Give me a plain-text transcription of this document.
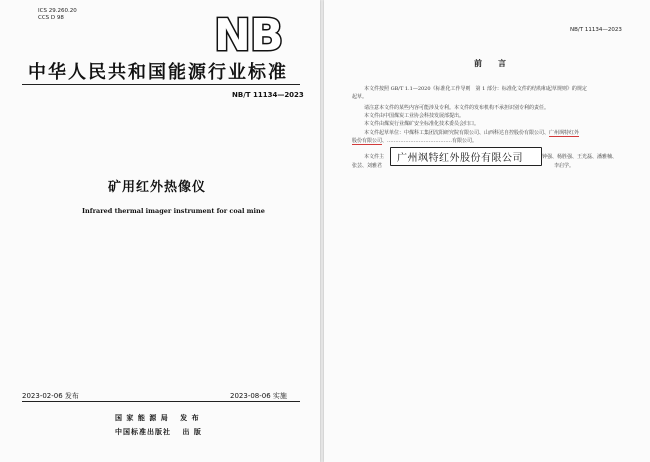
ICS 29.260.20
CCS D 98	NB
中华人民共和国能源行业标准
NB/T 11134—2023
矿用红外热像仪
Infrared thermal imager instrument for coal mine
2023-02-06 发布	2023-08-06 实施
国 家 能 源 局　 发 布
中国标准出版社　 出 版
NB/T 11134—2023
前　言
本文件按照 GB/T 1.1—2020《标准化工作导则　第 1 部分：标准化文件的结构和起草规则》的规定
起草。
请注意本文件的某些内容可能涉及专利。本文件的发布机构不承担识别专利的责任。
本文件由中国煤炭工业协会科技发展部提出。
本文件由煤炭行业煤矿安全标准化技术委员会归口。
本文件起草单位：中煤科工集团沈阳研究院有限公司、山西科达自控股份有限公司、广州飒特红外
股份有限公司、…………………………………有限公司。
本文件主	钟强、杨胜强、王光磊、潘雅楠、
张芸、刘雅君	李启学。
广州飒特红外股份有限公司
